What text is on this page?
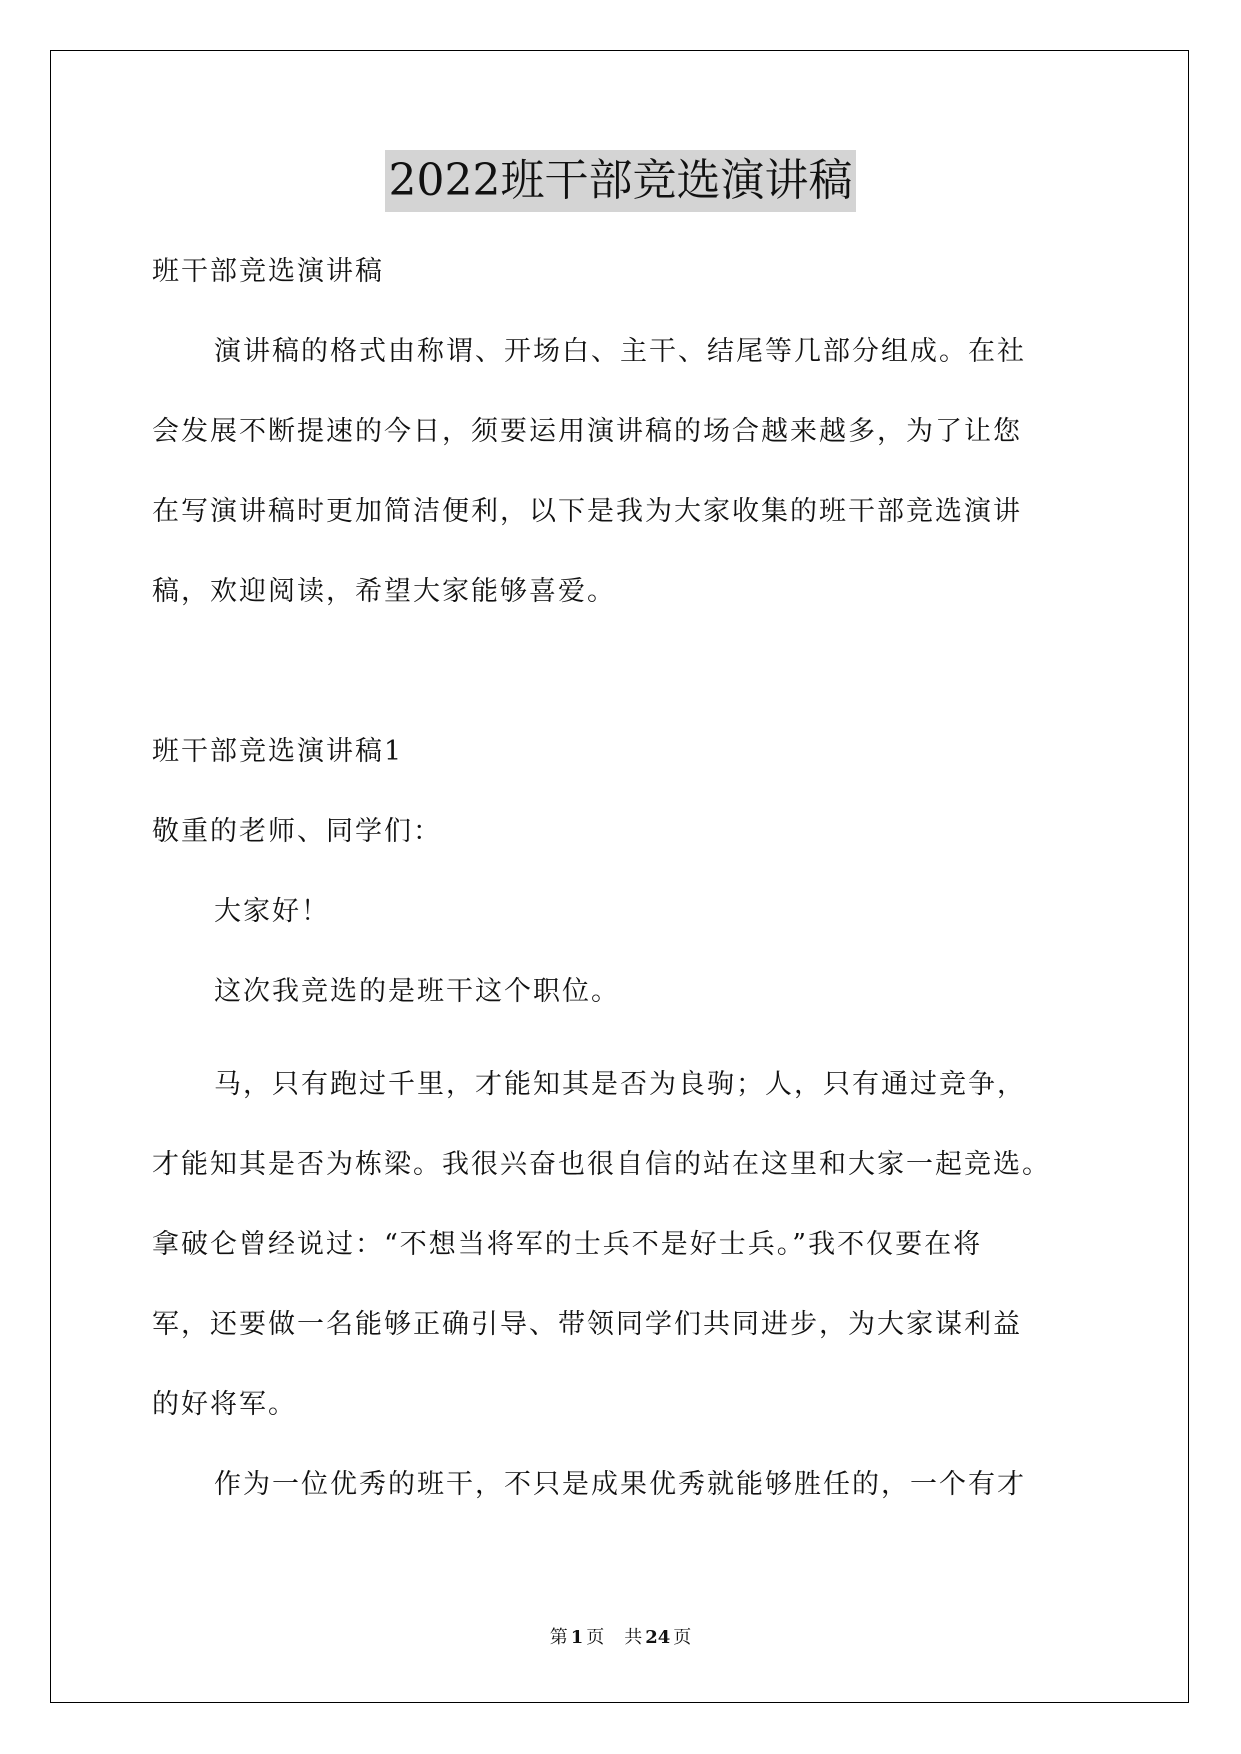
2022班干部竞选演讲稿
班干部竞选演讲稿
演讲稿的格式由称谓、开场白、主干、结尾等几部分组成。在社
会发展不断提速的今日，须要运用演讲稿的场合越来越多，为了让您
在写演讲稿时更加简洁便利，以下是我为大家收集的班干部竞选演讲
稿，欢迎阅读，希望大家能够喜爱。
班干部竞选演讲稿1
敬重的老师、同学们：
大家好！
这次我竞选的是班干这个职位。
马，只有跑过千里，才能知其是否为良驹；人，只有通过竞争，
才能知其是否为栋梁。我很兴奋也很自信的站在这里和大家一起竞选。
拿破仑曾经说过：“不想当将军的士兵不是好士兵。”我不仅要在将
军，还要做一名能够正确引导、带领同学们共同进步，为大家谋利益
的好将军。
作为一位优秀的班干，不只是成果优秀就能够胜任的，一个有才
第 1 页 共 24 页
